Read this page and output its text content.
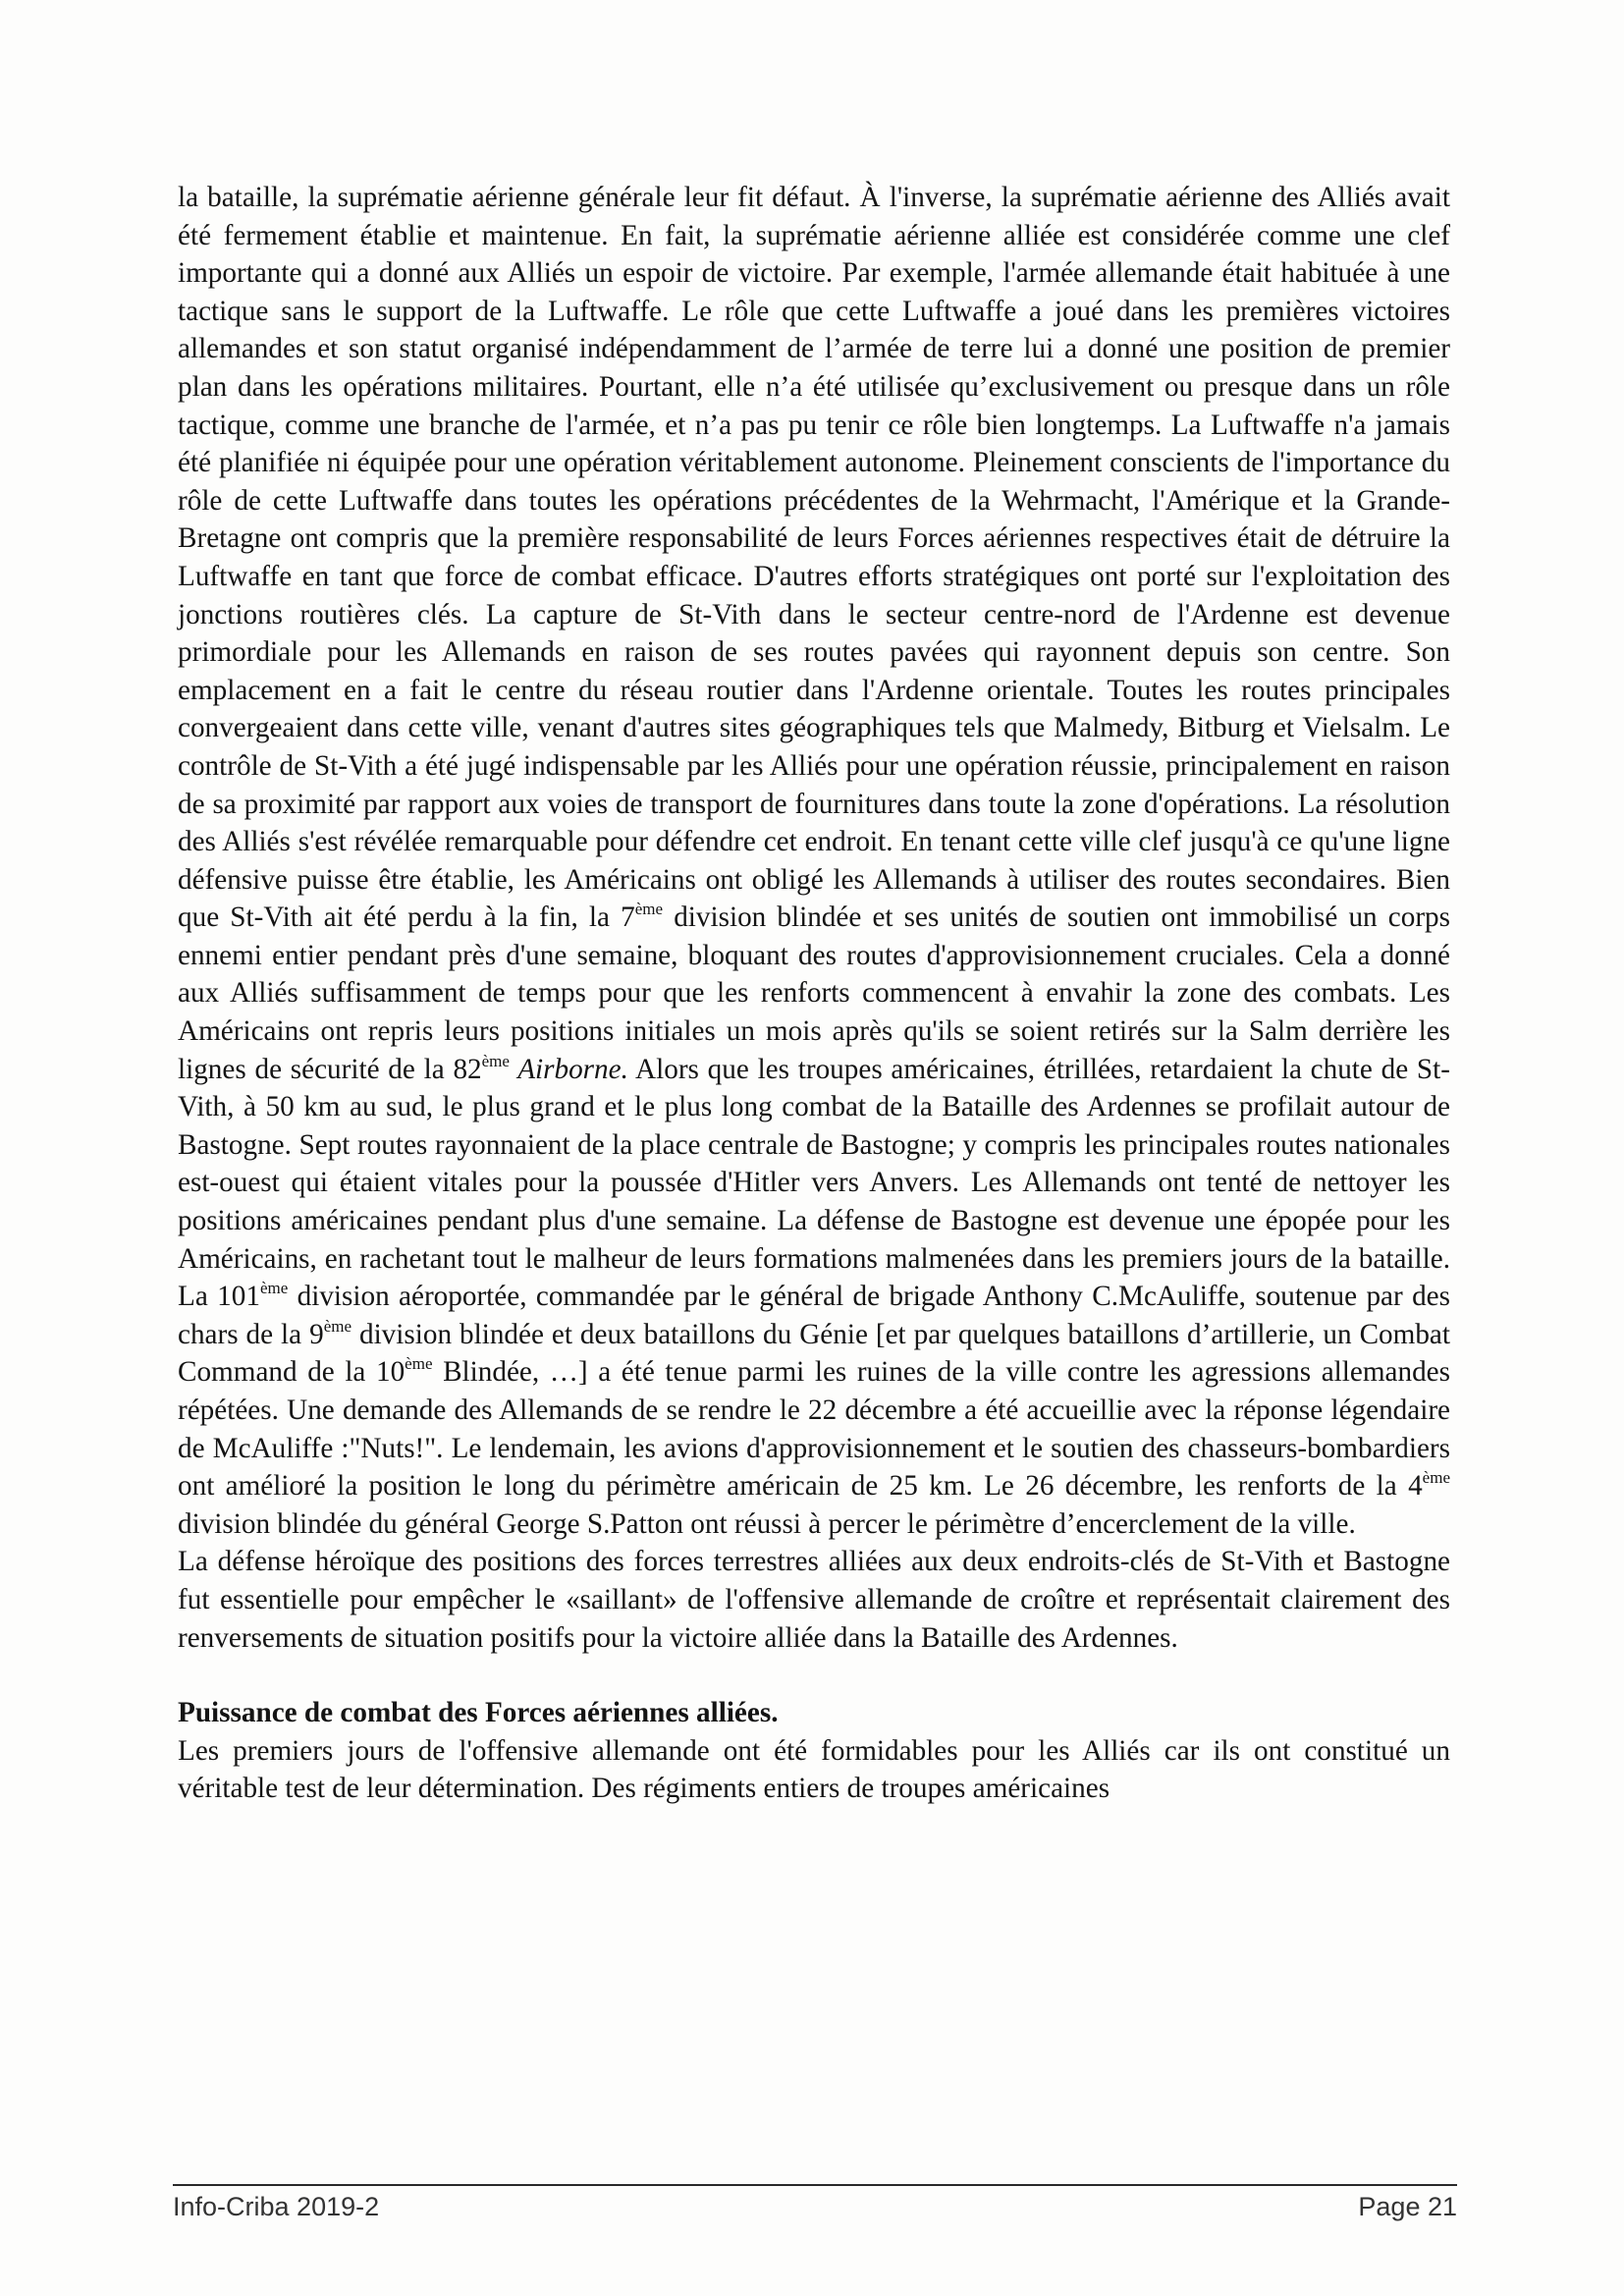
la bataille, la suprématie aérienne générale leur fit défaut. À l'inverse, la suprématie aérienne des Alliés avait été fermement établie et maintenue. En fait, la suprématie aérienne alliée est considérée comme une clef importante qui a donné aux Alliés un espoir de victoire. Par exemple, l'armée allemande était habituée à une tactique sans le support de la Luftwaffe. Le rôle que cette Luftwaffe a joué dans les premières victoires allemandes et son statut organisé indépendamment de l’armée de terre lui a donné une position de premier plan dans les opérations militaires. Pourtant, elle n’a été utilisée qu’exclusivement ou presque dans un rôle tactique, comme une branche de l'armée, et n’a pas pu tenir ce rôle bien longtemps. La Luftwaffe n'a jamais été planifiée ni équipée pour une opération véritablement autonome. Pleinement conscients de l'importance du rôle de cette Luftwaffe dans toutes les opérations précédentes de la Wehrmacht, l'Amérique et la Grande-Bretagne ont compris que la première responsabilité de leurs Forces aériennes respectives était de détruire la Luftwaffe en tant que force de combat efficace. D'autres efforts stratégiques ont porté sur l'exploitation des jonctions routières clés. La capture de St-Vith dans le secteur centre-nord de l'Ardenne est devenue primordiale pour les Allemands en raison de ses routes pavées qui rayonnent depuis son centre. Son emplacement en a fait le centre du réseau routier dans l'Ardenne orientale. Toutes les routes principales convergeaient dans cette ville, venant d'autres sites géographiques tels que Malmedy, Bitburg et Vielsalm. Le contrôle de St-Vith a été jugé indispensable par les Alliés pour une opération réussie, principalement en raison de sa proximité par rapport aux voies de transport de fournitures dans toute la zone d'opérations. La résolution des Alliés s'est révélée remarquable pour défendre cet endroit. En tenant cette ville clef jusqu'à ce qu'une ligne défensive puisse être établie, les Américains ont obligé les Allemands à utiliser des routes secondaires. Bien que St-Vith ait été perdu à la fin, la 7ème division blindée et ses unités de soutien ont immobilisé un corps ennemi entier pendant près d'une semaine, bloquant des routes d'approvisionnement cruciales. Cela a donné aux Alliés suffisamment de temps pour que les renforts commencent à envahir la zone des combats. Les Américains ont repris leurs positions initiales un mois après qu'ils se soient retirés sur la Salm derrière les lignes de sécurité de la 82ème Airborne. Alors que les troupes américaines, étrillées, retardaient la chute de St-Vith, à 50 km au sud, le plus grand et le plus long combat de la Bataille des Ardennes se profilait autour de Bastogne. Sept routes rayonnaient de la place centrale de Bastogne; y compris les principales routes nationales est-ouest qui étaient vitales pour la poussée d'Hitler vers Anvers. Les Allemands ont tenté de nettoyer les positions américaines pendant plus d'une semaine. La défense de Bastogne est devenue une épopée pour les Américains, en rachetant tout le malheur de leurs formations malmenées dans les premiers jours de la bataille. La 101ème division aéroportée, commandée par le général de brigade Anthony C.McAuliffe, soutenue par des chars de la 9ème division blindée et deux bataillons du Génie [et par quelques bataillons d’artillerie, un Combat Command de la 10ème Blindée, …] a été tenue parmi les ruines de la ville contre les agressions allemandes répétées. Une demande des Allemands de se rendre le 22 décembre a été accueillie avec la réponse légendaire de McAuliffe :"Nuts!". Le lendemain, les avions d'approvisionnement et le soutien des chasseurs-bombardiers ont amélioré la position le long du périmètre américain de 25 km. Le 26 décembre, les renforts de la 4ème division blindée du général George S.Patton ont réussi à percer le périmètre d’encerclement de la ville.

La défense héroïque des positions des forces terrestres alliées aux deux endroits-clés de St-Vith et Bastogne fut essentielle pour empêcher le «saillant» de l'offensive allemande de croître et représentait clairement des renversements de situation positifs pour la victoire alliée dans la Bataille des Ardennes.

Puissance de combat des Forces aériennes alliées.

Les premiers jours de l'offensive allemande ont été formidables pour les Alliés car ils ont constitué un véritable test de leur détermination. Des régiments entiers de troupes américaines

Info-Criba 2019-2	Page 21
